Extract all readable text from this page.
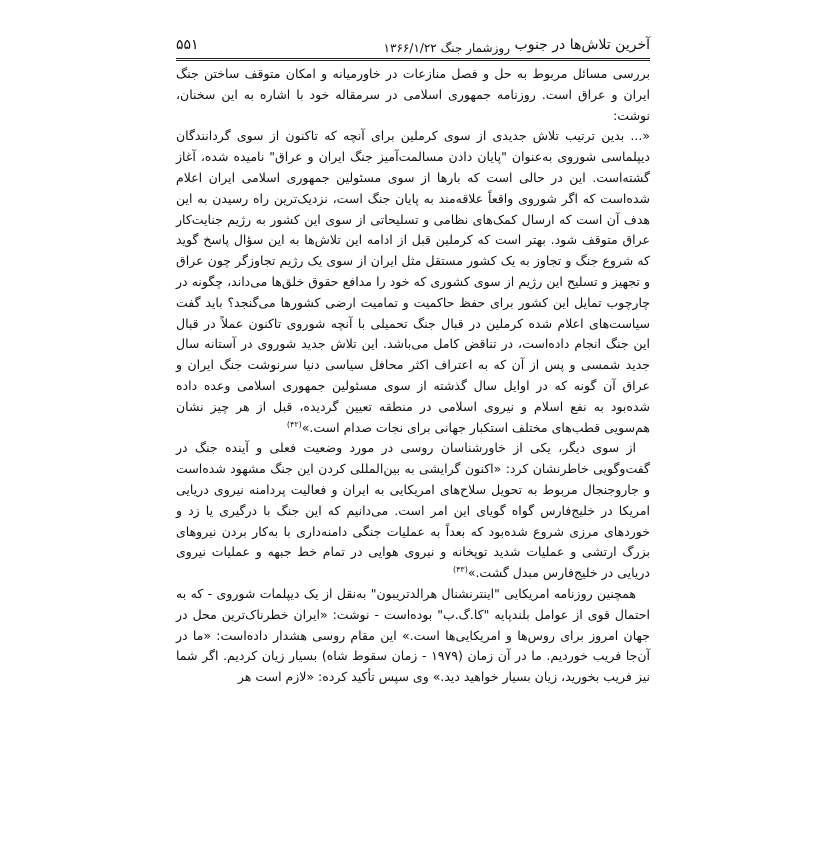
آخرین تلاش‌ها در جنوب
روزشمار جنگ ۱۳۶۶/۱/۲۲
۵۵۱

بررسی مسائل مربوط به حل و فصل منازعات در خاورمیانه و امکان متوقف ساختن جنگ ایران و عراق است. روزنامه جمهوری اسلامی در سرمقاله خود با اشاره به این سخنان، نوشت:

«... بدین ترتیب تلاش جدیدی از سوی کرملین برای آنچه که تاکنون از سوی گردانندگان دیپلماسی شوروی به‌عنوان "پایان دادن مسالمت‌آمیز جنگ ایران و عراق" نامیده شده، آغاز گشته‌است. این در حالی است که بارها از سوی مسئولین جمهوری اسلامی ایران اعلام شده‌است که اگر شوروی واقعاً علاقه‌مند به پایان جنگ است، نزدیک‌ترین راه رسیدن به این هدف آن است که ارسال کمک‌های نظامی و تسلیحاتی از سوی این کشور به رژیم جنایت‌کار عراق متوقف شود. بهتر است که کرملین قبل از ادامه این تلاش‌ها به این سؤال پاسخ گوید که شروع جنگ و تجاوز به یک کشور مستقل مثل ایران از سوی یک رژیم تجاوزگر چون عراق و تجهیز و تسلیح این رژیم از سوی کشوری که خود را مدافع حقوق خلق‌ها می‌داند، چگونه در چارچوب تمایل این کشور برای حفظ حاکمیت و تمامیت ارضی کشورها می‌گنجد؟ باید گفت سیاست‌های اعلام شده کرملین در قبال جنگ تحمیلی با آنچه شوروی تاکنون عملاً در قبال این جنگ انجام داده‌است، در تناقض کامل می‌باشد. این تلاش جدید شوروی در آستانه سال جدید شمسی و پس از آن که به اعتراف اکثر محافل سیاسی دنیا سرنوشت جنگ ایران و عراق آن گونه که در اوایل سال گذشته از سوی مسئولین جمهوری اسلامی وعده داده شده‌بود به نفع اسلام و نیروی اسلامی در منطقه تعیین گردیده، قبل از هر چیز نشان هم‌سویی قطب‌های مختلف استکبار جهانی برای نجات صدام است.»$^{(۴۲)}$

از سوی دیگر، یکی از خاورشناسان روسی در مورد وضعیت فعلی و آینده جنگ در گفت‌وگویی خاطرنشان کرد: «اکنون گرایشی به بین‌المللی کردن این جنگ مشهود شده‌است و جاروجنجال مربوط به تحویل سلاح‌های امریکایی به ایران و فعالیت پردامنه نیروی دریایی امریکا در خلیج‌فارس گواه گویای این امر است. می‌دانیم که این جنگ با درگیری یا زد و خوردهای مرزی شروع شده‌بود که بعداً به عملیات جنگی دامنه‌داری با به‌کار بردن نیروهای بزرگ ارتشی و عملیات شدید توپخانه و نیروی هوایی در تمام خط جبهه و عملیات نیروی دریایی در خلیج‌فارس مبدل گشت.»$^{(۴۳)}$

همچنین روزنامه امریکایی "اینترنشنال هرالدتریبون" به‌نقل از یک دیپلمات شوروی - که به احتمال قوی از عوامل بلندپایه "کا.گ.ب" بوده‌است - نوشت: «ایران خطرناک‌ترین محل در جهان امروز برای روس‌ها و امریکایی‌ها است.» این مقام روسی هشدار داده‌است: «ما در آن‌جا فریب خوردیم. ما در آن زمان (۱۹۷۹ - زمان سقوط شاه) بسیار زیان کردیم. اگر شما نیز فریب بخورید، زیان بسیار خواهید دید.» وی سپس تأکید کرده: «لازم است هر
